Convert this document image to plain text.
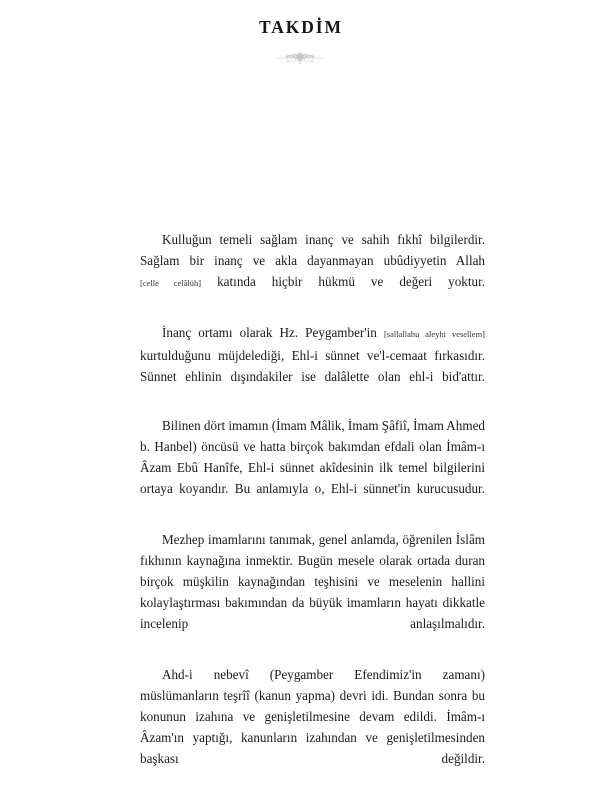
TAKDİM

Kulluğun temeli sağlam inanç ve sahih fıkhî bilgilerdir. Sağlam bir inanç ve akla dayanmayan ubûdiyyetin Allah [celle celâlüh] katında hiçbir hükmü ve değeri yoktur.

İnanç ortamı olarak Hz. Peygamber'in [sallallahu aleyhi vesellem] kurtulduğunu müjdelediği, Ehl-i sünnet ve'l-cemaat fırkasıdır. Sünnet ehlinin dışındakiler ise dalâlette olan ehl-i bid'attır.

Bilinen dört imamın (İmam Mâlik, İmam Şâfiî, İmam Ahmed b. Hanbel) öncüsü ve hatta birçok bakımdan efdali olan İmâm-ı Âzam Ebû Hanîfe, Ehl-i sünnet akîdesinin ilk temel bilgilerini ortaya koyandır. Bu anlamıyla o, Ehl-i sünnet'in kurucusudur.

Mezhep imamlarını tanımak, genel anlamda, öğrenilen İslâm fıkhının kaynağına inmektir. Bugün mesele olarak ortada duran birçok müşkilin kaynağından teşhisini ve meselenin hallini kolaylaştırması bakımından da büyük imamların hayatı dikkatle incelenip anlaşılmalıdır.

Ahd-i nebevî (Peygamber Efendimiz'in zamanı) müslümanların teşrîî (kanun yapma) devri idi. Bundan sonra bu konunun izahına ve genişletilmesine devam edildi. İmâm-ı Âzam'ın yaptığı, kanunların izahından ve genişletilmesinden başkası değildir.
